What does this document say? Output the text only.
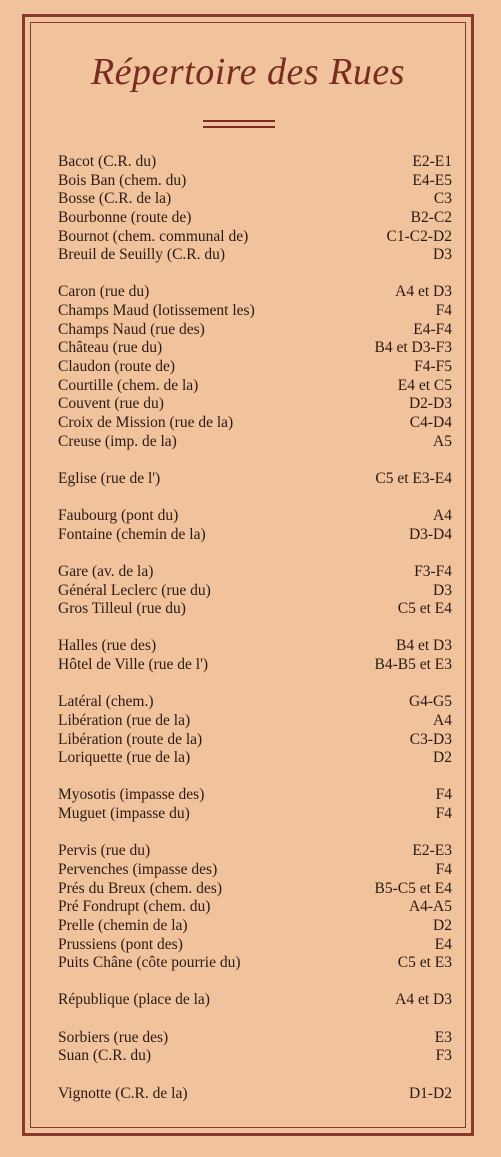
Répertoire des Rues
Bacot (C.R. du)	E2-E1
Bois Ban (chem. du)	E4-E5
Bosse (C.R. de la)	C3
Bourbonne (route de)	B2-C2
Bournot (chem. communal de)	C1-C2-D2
Breuil de Seuilly (C.R. du)	D3
Caron (rue du)	A4 et D3
Champs Maud (lotissement les)	F4
Champs Naud (rue des)	E4-F4
Château (rue du)	B4 et D3-F3
Claudon (route de)	F4-F5
Courtille (chem. de la)	E4 et C5
Couvent (rue du)	D2-D3
Croix de Mission (rue de la)	C4-D4
Creuse (imp. de la)	A5
Eglise (rue de l')	C5 et E3-E4
Faubourg (pont du)	A4
Fontaine (chemin de la)	D3-D4
Gare (av. de la)	F3-F4
Général Leclerc (rue du)	D3
Gros Tilleul (rue du)	C5 et E4
Halles (rue des)	B4 et D3
Hôtel de Ville (rue de l')	B4-B5 et E3
Latéral (chem.)	G4-G5
Libération (rue de la)	A4
Libération (route de la)	C3-D3
Loriquette (rue de la)	D2
Myosotis (impasse des)	F4
Muguet (impasse du)	F4
Pervis (rue du)	E2-E3
Pervenches (impasse des)	F4
Prés du Breux (chem. des)	B5-C5 et E4
Pré Fondrupt (chem. du)	A4-A5
Prelle (chemin de la)	D2
Prussiens (pont des)	E4
Puits Châne (côte pourrie du)	C5 et E3
République (place de la)	A4 et D3
Sorbiers (rue des)	E3
Suan (C.R. du)	F3
Vignotte (C.R. de la)	D1-D2
